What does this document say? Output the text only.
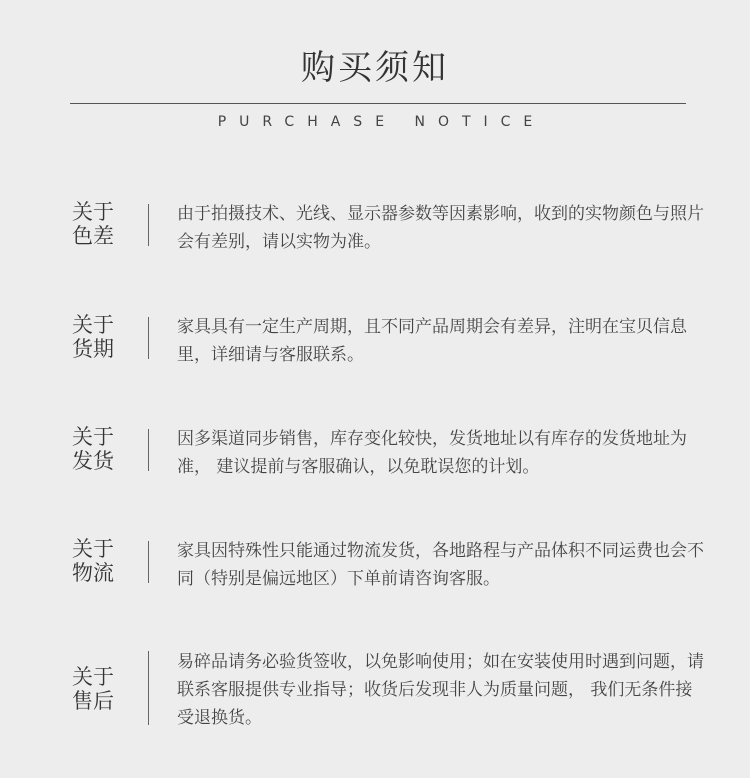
购买须知
PURCHASE NOTICE
关于
色差
由于拍摄技术、光线、显示器参数等因素影响，收到的实物颜色与照片会有差别，请以实物为准。
关于
货期
家具具有一定生产周期，且不同产品周期会有差异，注明在宝贝信息里，详细请与客服联系。
关于
发货
因多渠道同步销售，库存变化较快，发货地址以有库存的发货地址为准， 建议提前与客服确认，以免耽误您的计划。
关于
物流
家具因特殊性只能通过物流发货，各地路程与产品体积不同运费也会不同（特别是偏远地区）下单前请咨询客服。
关于
售后
易碎品请务必验货签收，以免影响使用；如在安装使用时遇到问题，请联系客服提供专业指导；收货后发现非人为质量问题， 我们无条件接受退换货。
